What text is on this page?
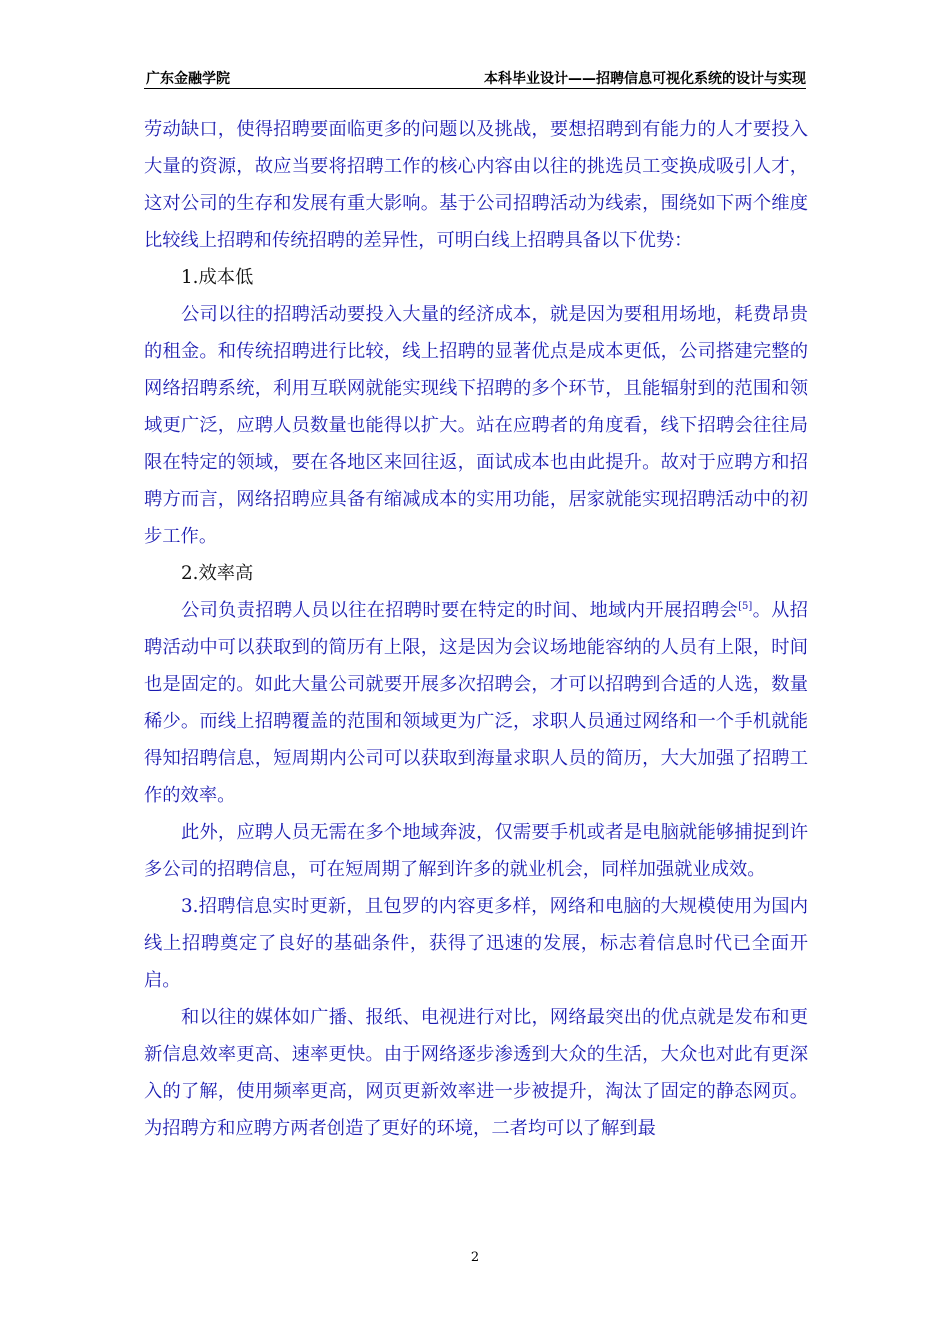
广东金融学院	本科毕业设计——招聘信息可视化系统的设计与实现

劳动缺口，使得招聘要面临更多的问题以及挑战，要想招聘到有能力的人才要投入大量的资源，故应当要将招聘工作的核心内容由以往的挑选员工变换成吸引人才，这对公司的生存和发展有重大影响。基于公司招聘活动为线索，围绕如下两个维度比较线上招聘和传统招聘的差异性，可明白线上招聘具备以下优势：

1.成本低

公司以往的招聘活动要投入大量的经济成本，就是因为要租用场地，耗费昂贵的租金。和传统招聘进行比较，线上招聘的显著优点是成本更低，公司搭建完整的网络招聘系统，利用互联网就能实现线下招聘的多个环节，且能辐射到的范围和领域更广泛，应聘人员数量也能得以扩大。站在应聘者的角度看，线下招聘会往往局限在特定的领域，要在各地区来回往返，面试成本也由此提升。故对于应聘方和招聘方而言，网络招聘应具备有缩减成本的实用功能，居家就能实现招聘活动中的初步工作。

2.效率高

公司负责招聘人员以往在招聘时要在特定的时间、地域内开展招聘会[5]。从招聘活动中可以获取到的简历有上限，这是因为会议场地能容纳的人员有上限，时间也是固定的。如此大量公司就要开展多次招聘会，才可以招聘到合适的人选，数量稀少。而线上招聘覆盖的范围和领域更为广泛，求职人员通过网络和一个手机就能得知招聘信息，短周期内公司可以获取到海量求职人员的简历，大大加强了招聘工作的效率。

此外，应聘人员无需在多个地域奔波，仅需要手机或者是电脑就能够捕捉到许多公司的招聘信息，可在短周期了解到许多的就业机会，同样加强就业成效。

3.招聘信息实时更新，且包罗的内容更多样，网络和电脑的大规模使用为国内线上招聘奠定了良好的基础条件，获得了迅速的发展，标志着信息时代已全面开启。

和以往的媒体如广播、报纸、电视进行对比，网络最突出的优点就是发布和更新信息效率更高、速率更快。由于网络逐步渗透到大众的生活，大众也对此有更深入的了解，使用频率更高，网页更新效率进一步被提升，淘汰了固定的静态网页。为招聘方和应聘方两者创造了更好的环境，二者均可以了解到最

2
